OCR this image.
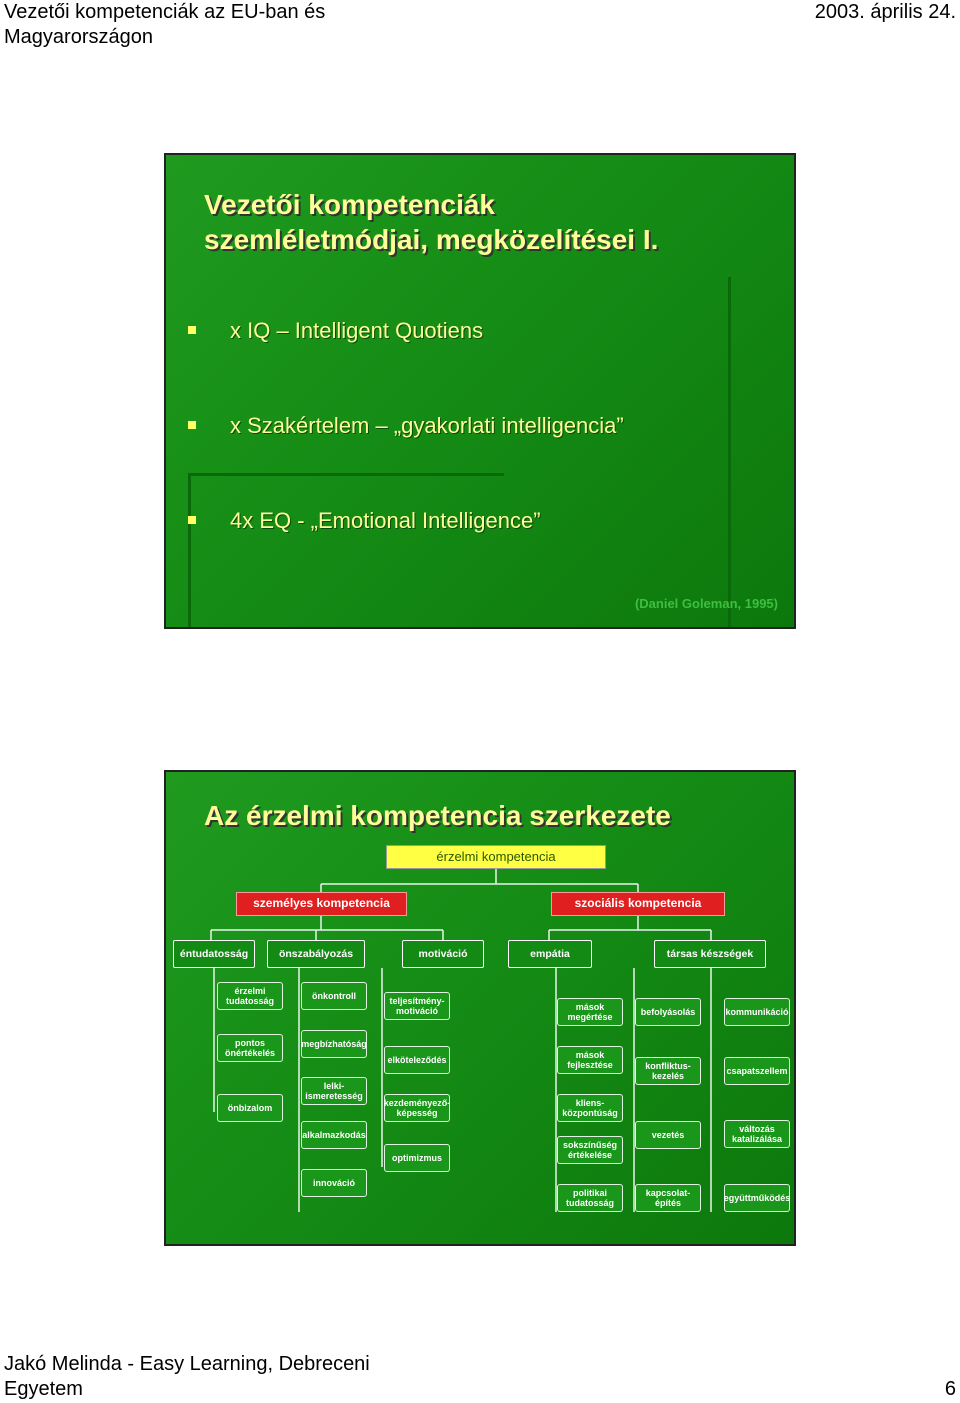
Vezetői kompetenciák az EU-ban és Magyarországon
2003. április 24.
Vezetői kompetenciák
szemléletmódjai, megközelítései I.
x IQ – Intelligent Quotiens
x Szakértelem – „gyakorlati intelligencia”
4x EQ - „Emotional Intelligence”
(Daniel Goleman, 1995)
Az érzelmi kompetencia szerkezete
érzelmi kompetencia
személyes kompetencia	szociális kompetencia
éntudatosság	önszabályozás	motiváció	empátia	társas készségek
érzelmi tudatosság
pontos önértékelés
önbizalom
önkontroll
megbízhatóság
lelki-ismeretesség
alkalmazkodás
innováció
teljesítmény-motiváció
elköteleződés
kezdeményező-képesség
optimizmus
mások megértése
mások fejlesztése
kliens-központúság
sokszínűség értékelése
politikai tudatosság
befolyásolás
konfliktus-kezelés
vezetés
kapcsolat-építés
kommunikáció
csapatszellem
változás katalizálása
együttműködés
Jakó Melinda - Easy Learning, Debreceni Egyetem	6
